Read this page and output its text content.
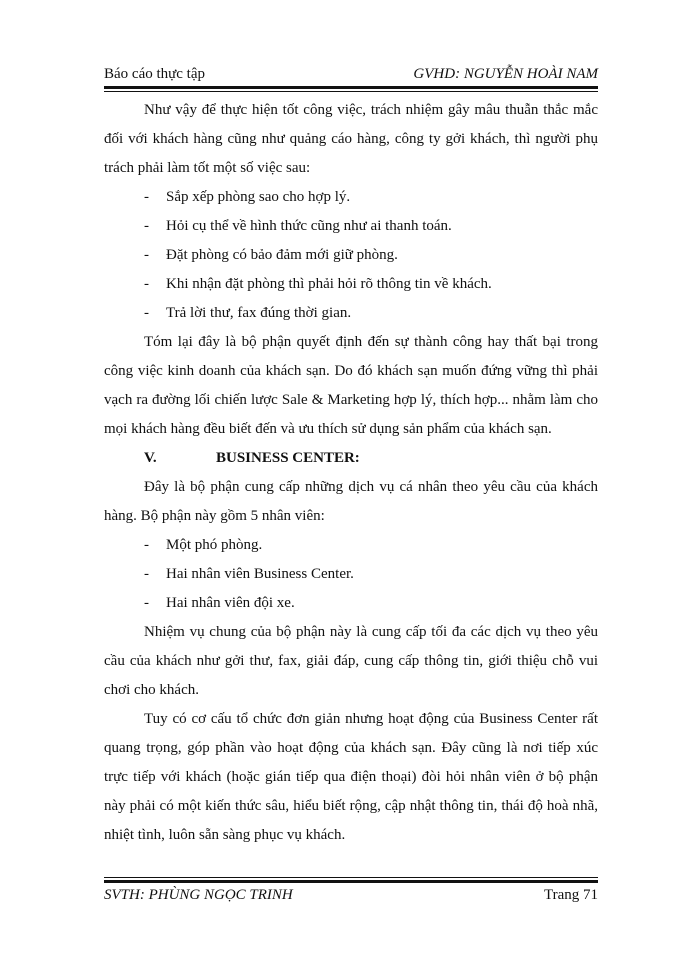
Báo cáo thực tập	GVHD: NGUYỄN HOÀI NAM

Như vậy để thực hiện tốt công việc, trách nhiệm gây mâu thuẫn thắc mắc đối với khách hàng cũng như quảng cáo hàng, công ty gởi khách, thì người phụ trách phải làm tốt một số việc sau:

- Sắp xếp phòng sao cho hợp lý.

- Hỏi cụ thể về hình thức cũng như ai thanh toán.

- Đặt phòng có bảo đảm mới giữ phòng.

- Khi nhận đặt phòng thì phải hỏi rõ thông tin về khách.

- Trả lời thư, fax đúng thời gian.

Tóm lại đây là bộ phận quyết định đến sự thành công hay thất bại trong công việc kinh doanh của khách sạn. Do đó khách sạn muốn đứng vững thì phải vạch ra đường lối chiến lược Sale & Marketing hợp lý, thích hợp... nhằm làm cho mọi khách hàng đều biết đến và ưu thích sử dụng sản phẩm của khách sạn.

V.	BUSINESS CENTER:

Đây là bộ phận cung cấp những dịch vụ cá nhân theo yêu cầu của khách hàng. Bộ phận này gồm 5 nhân viên:

- Một phó phòng.

- Hai nhân viên Business Center.

- Hai nhân viên đội xe.

Nhiệm vụ chung của bộ phận này là cung cấp tối đa các dịch vụ theo yêu cầu của khách như gởi thư, fax, giải đáp, cung cấp thông tin, giới thiệu chỗ vui chơi cho khách.

Tuy có cơ cấu tổ chức đơn giản nhưng hoạt động của Business Center rất quang trọng, góp phần vào hoạt động của khách sạn. Đây cũng là nơi tiếp xúc trực tiếp với khách (hoặc gián tiếp qua điện thoại) đòi hỏi nhân viên ở bộ phận này phải có một kiến thức sâu, hiểu biết rộng, cập nhật thông tin, thái độ hoà nhã, nhiệt tình, luôn sẵn sàng phục vụ khách.

SVTH: PHÙNG NGỌC TRINH	Trang 71
